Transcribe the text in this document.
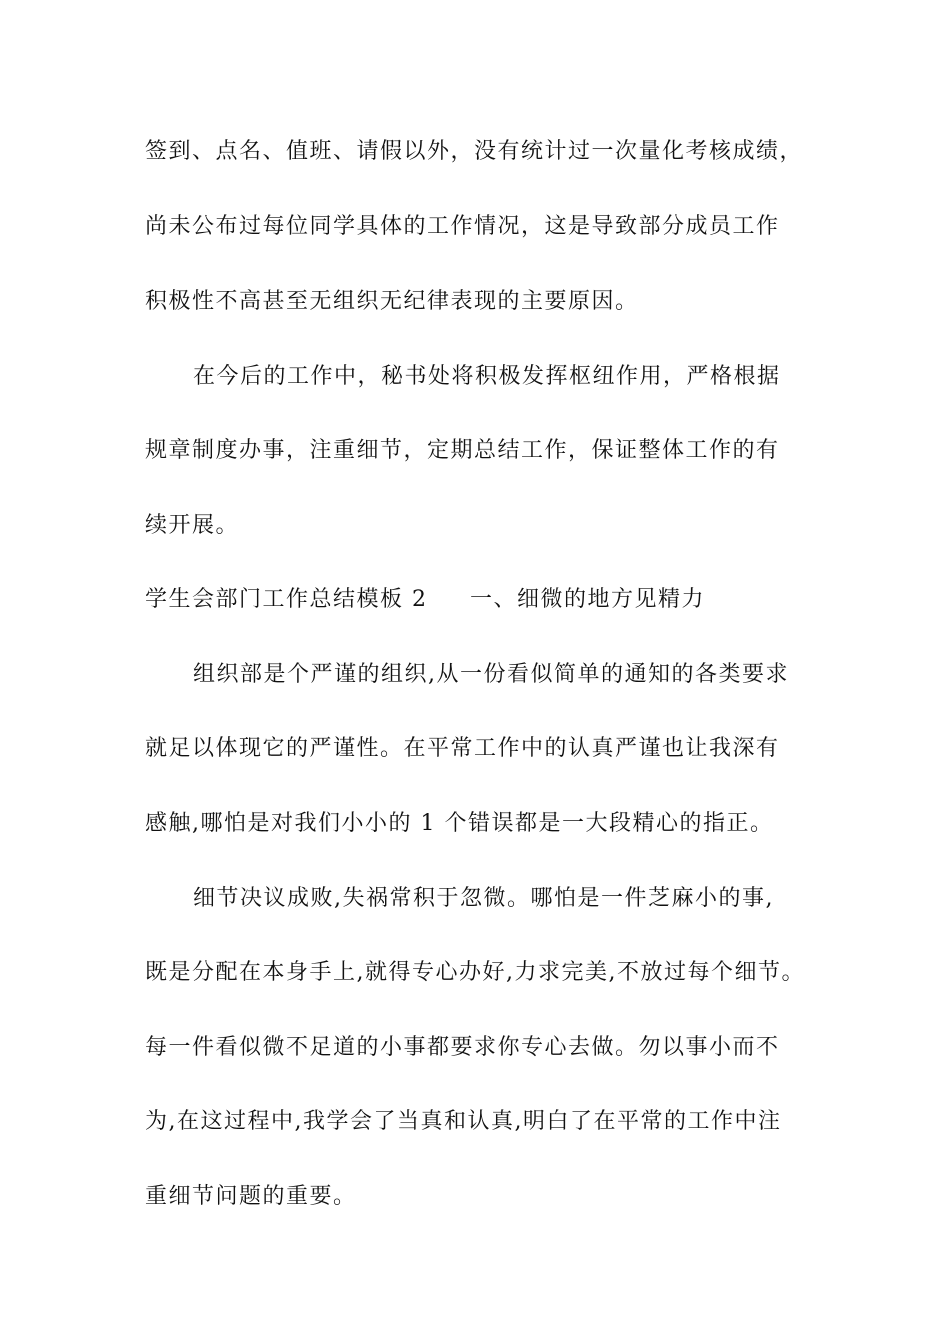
签到、点名、值班、请假以外，没有统计过一次量化考核成绩，
尚未公布过每位同学具体的工作情况，这是导致部分成员工作
积极性不高甚至无组织无纪律表现的主要原因。
在今后的工作中，秘书处将积极发挥枢纽作用，严格根据
规章制度办事，注重细节，定期总结工作，保证整体工作的有
续开展。
学生会部门工作总结模板 2 一、细微的地方见精力
组织部是个严谨的组织,从一份看似简单的通知的各类要求
就足以体现它的严谨性。在平常工作中的认真严谨也让我深有
感触,哪怕是对我们小小的 1 个错误都是一大段精心的指正。
细节决议成败,失祸常积于忽微。哪怕是一件芝麻小的事,
既是分配在本身手上,就得专心办好,力求完美,不放过每个细节。
每一件看似微不足道的小事都要求你专心去做。勿以事小而不
为,在这过程中,我学会了当真和认真,明白了在平常的工作中注
重细节问题的重要。
